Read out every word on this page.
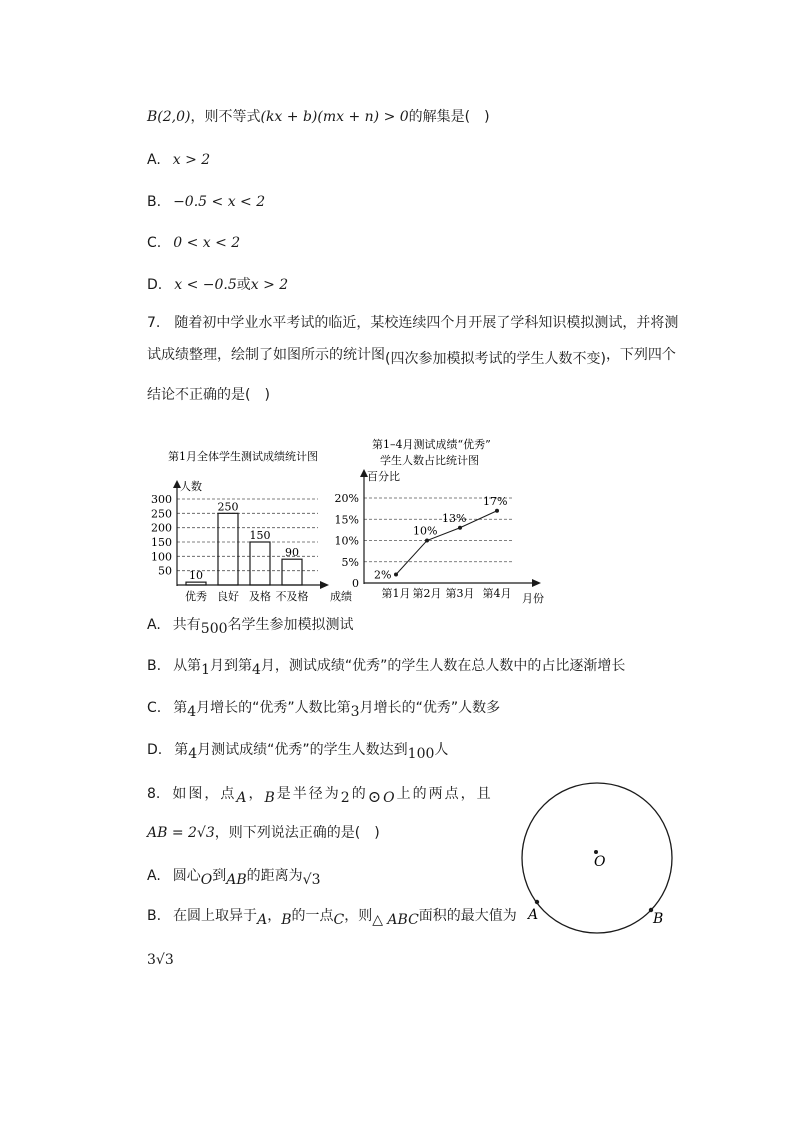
B(2,0)，则不等式(kx + b)(mx + n) > 0的解集是(　)
A. x > 2
B. −0.5 < x < 2
C. 0 < x < 2
D. x < −0.5或x > 2
7. 随着初中学业水平考试的临近，某校连续四个月开展了学科知识模拟测试，并将测
试成绩整理，绘制了如图所示的统计图(四次参加模拟考试的学生人数不变)，下列四个
结论不正确的是(　)
第1月全体学生测试成绩统计图
50
100
150
200
250
300
人数
成绩
10
优秀
250
良好
150
及格
90
不及格
第1–4月测试成绩“优秀”
学生人数占比统计图
0
5%
10%
15%
20%
百分比
月份
2%
第1月
10%
第2月
13%
第3月
17%
第4月
A. 共有500名学生参加模拟测试
B. 从第1月到第4月，测试成绩“优秀”的学生人数在总人数中的占比逐渐增长
C. 第4月增长的“优秀”人数比第3月增长的“优秀”人数多
D. 第4月测试成绩“优秀”的学生人数达到100人
8. 如图，点A，B是半径为2的⊙O上的两点，且
AB = 2√3，则下列说法正确的是(　)
A. 圆心O到AB的距离为√3
B. 在圆上取异于A，B的一点C，则△ ABC面积的最大值为
3√3
O
A	B
